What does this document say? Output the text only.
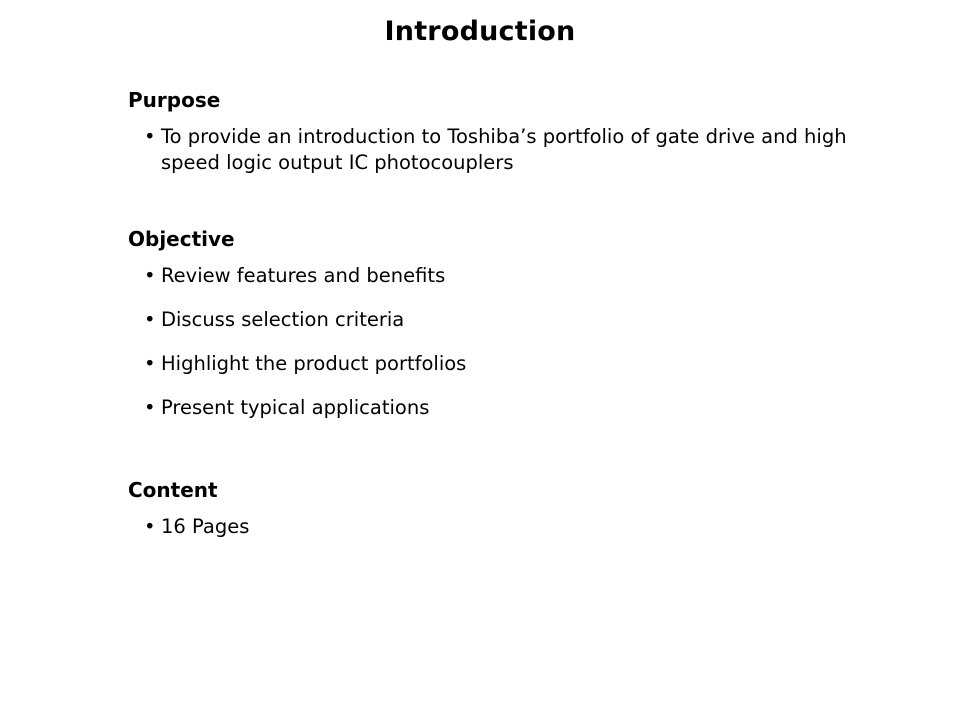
Introduction
Purpose
• To provide an introduction to Toshiba’s portfolio of gate drive and high speed logic output IC photocouplers
Objective
• Review features and benefits
• Discuss selection criteria
• Highlight the product portfolios
• Present typical applications
Content
• 16 Pages
